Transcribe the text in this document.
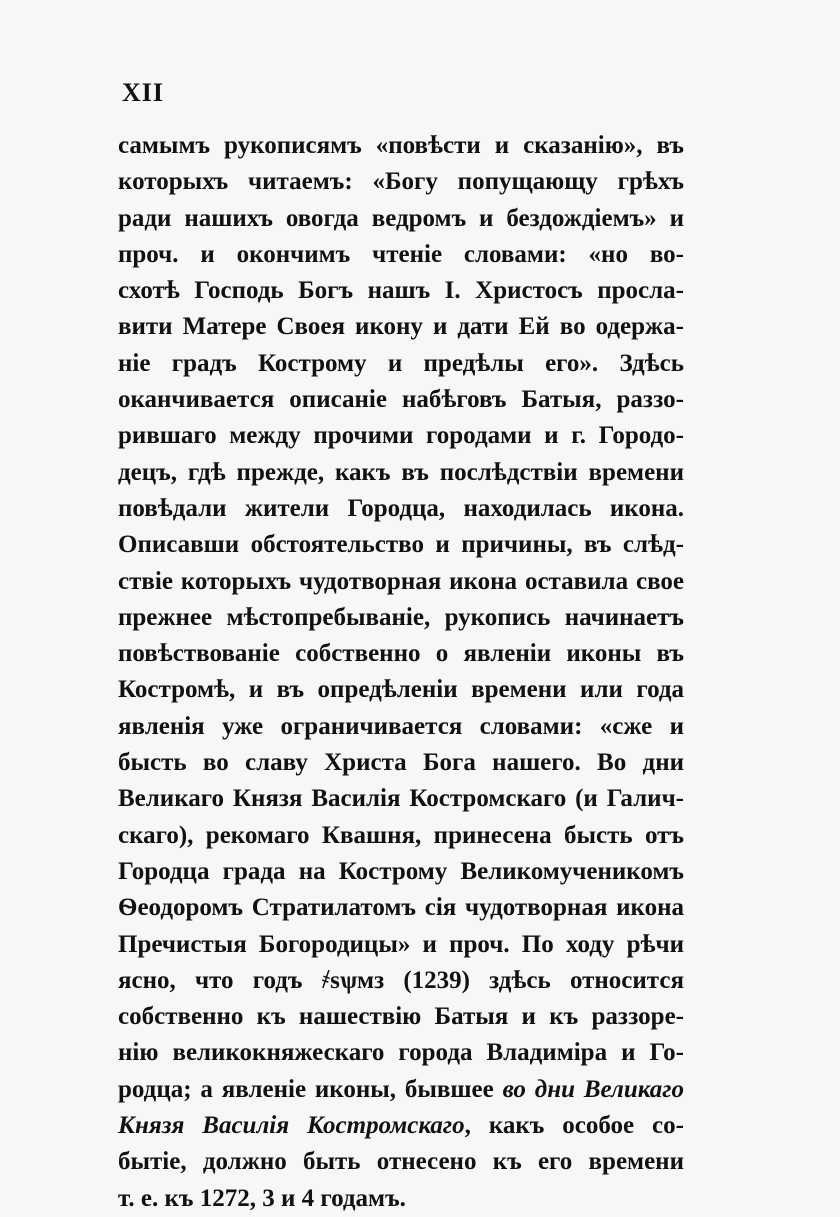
XII
самымъ рукописямъ «повѣсти и сказанію», въ
которыхъ читаемъ: «Богу попущающу грѣхъ
ради нашихъ овогда ведромъ и бездождіемъ» и
проч. и окончимъ чтеніе словами: «но во-
схотѣ Господь Богъ нашъ I. Христосъ просла-
вити Матере Своея икону и дати Ей во одержа-
ніе градъ Кострому и предѣлы его». Здѣсь
оканчивается описаніе набѣговъ Батыя, раззо-
рившаго между прочими городами и г. Городо-
децъ, гдѣ прежде, какъ въ послѣдствіи времени
повѣдали жители Городца, находилась икона.
Описавши обстоятельство и причины, въ слѣд-
ствіе которыхъ чудотворная икона оставила свое
прежнее мѣстопребываніе, рукопись начинаетъ
повѣствованіе собственно о явленіи иконы въ
Костромѣ, и въ опредѣленіи времени или года
явленія уже ограничивается словами: «сже и
бысть во славу Христа Бога нашего. Во дни
Великаго Князя Василія Костромскаго (и Галич-
скаго), рекомаго Квашня, принесена бысть отъ
Городца града на Кострому Великомученикомъ
Ѳеодоромъ Стратилатомъ сія чудотворная икона
Пречистыя Богородицы» и проч. По ходу рѣчи
ясно, что годъ ҂ѕѱмз (1239) здѣсь относится
собственно къ нашествію Батыя и къ раззоре-
нію великокняжескаго города Владиміра и Го-
родца; а явленіе иконы, бывшее во дни Великаго
Князя Василія Костромскаго, какъ особое со-
бытіе, должно быть отнесено къ его времени
т. е. къ 1272, 3 и 4 годамъ.
